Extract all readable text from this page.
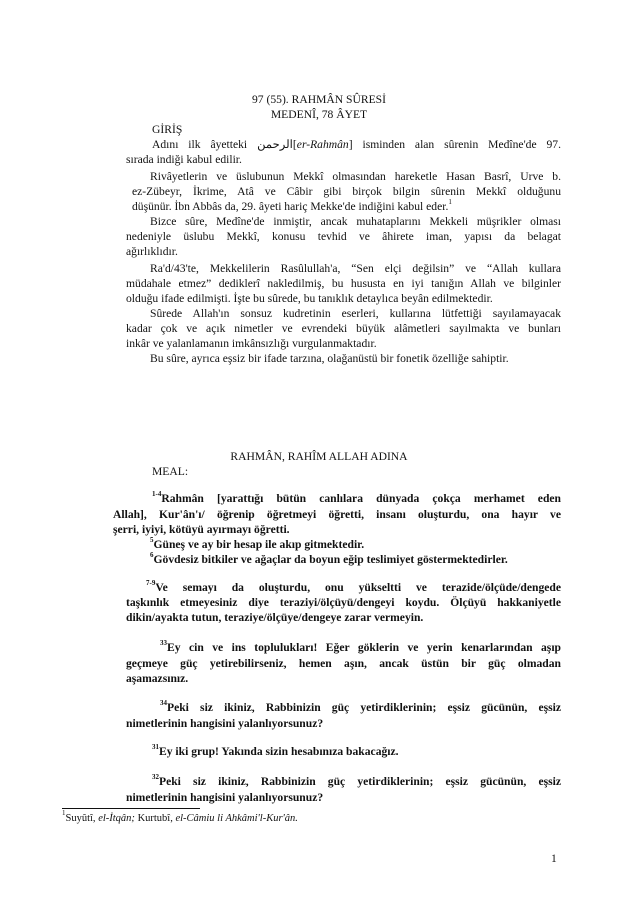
97 (55). RAHMÂN SÛRESİ
MEDENÎ, 78 ÂYET
GİRİŞ
Adını ilk âyetteki الرحمن[er-Rahmân] isminden alan sûrenin Medîne'de 97.
sırada indiği kabul edilir.
Rivâyetlerin ve üslubunun Mekkî olmasından hareketle Hasan Basrî, Urve b.
ez-Zübeyr, İkrime, Atâ ve Câbir gibi birçok bilgin sûrenin Mekkî olduğunu
düşünür. İbn Abbâs da, 29. âyeti hariç Mekke'de indiğini kabul eder.$^1$
Bizce sûre, Medîne'de inmiştir, ancak muhataplarını Mekkeli müşrikler olması
nedeniyle üslubu Mekkî, konusu tevhid ve âhirete iman, yapısı da belagat
ağırlıklıdır.
Ra'd/43'te, Mekkelilerin Rasûlullah'a, “Sen elçi değilsin” ve “Allah kullara
müdahale etmez” dediklerî nakledilmiş, bu hususta en iyi tanığın Allah ve bilginler
olduğu ifade edilmişti. İşte bu sûrede, bu tanıklık detaylıca beyân edilmektedir.
Sûrede Allah'ın sonsuz kudretinin eserleri, kullarına lütfettiği sayılamayacak
kadar çok ve açık nimetler ve evrendeki büyük alâmetleri sayılmakta ve bunları
inkâr ve yalanlamanın imkânsızlığı vurgulanmaktadır.
Bu sûre, ayrıca eşsiz bir ifade tarzına, olağanüstü bir fonetik özelliğe sahiptir.
RAHMÂN, RAHÎM ALLAH ADINA
MEAL:
$^{1-4}$Rahmân [yarattığı bütün canlılara dünyada çokça merhamet eden
Allah], Kur'ân'ı/ öğrenip öğretmeyi öğretti, insanı oluşturdu, ona hayır ve
şerri, iyiyi, kötüyü ayırmayı öğretti.
$^5$Güneş ve ay bir hesap ile akıp gitmektedir.
$^6$Gövdesiz bitkiler ve ağaçlar da boyun eğip teslimiyet göstermektedirler.
$^{7-9}$Ve semayı da oluşturdu, onu yükseltti ve terazide/ölçüde/dengede
taşkınlık etmeyesiniz diye teraziyi/ölçüyü/dengeyi koydu. Ölçüyü hakkaniyetle
dikin/ayakta tutun, teraziye/ölçüye/dengeye zarar vermeyin.
$^{33}$Ey cin ve ins toplulukları! Eğer göklerin ve yerin kenarlarından aşıp
geçmeye güç yetirebilirseniz, hemen aşın, ancak üstün bir güç olmadan
aşamazsınız.
$^{34}$Peki siz ikiniz, Rabbinizin güç yetirdiklerinin; eşsiz gücünün, eşsiz
nimetlerinin hangisini yalanlıyorsunuz?
$^{31}$Ey iki grup! Yakında sizin hesabınıza bakacağız.
$^{32}$Peki siz ikiniz, Rabbinizin güç yetirdiklerinin; eşsiz gücünün, eşsiz
nimetlerinin hangisini yalanlıyorsunuz?
$^1$Suyûtî, el-İtqân; Kurtubî, el-Câmiu li Ahkâmi'l-Kur'ân.
1
